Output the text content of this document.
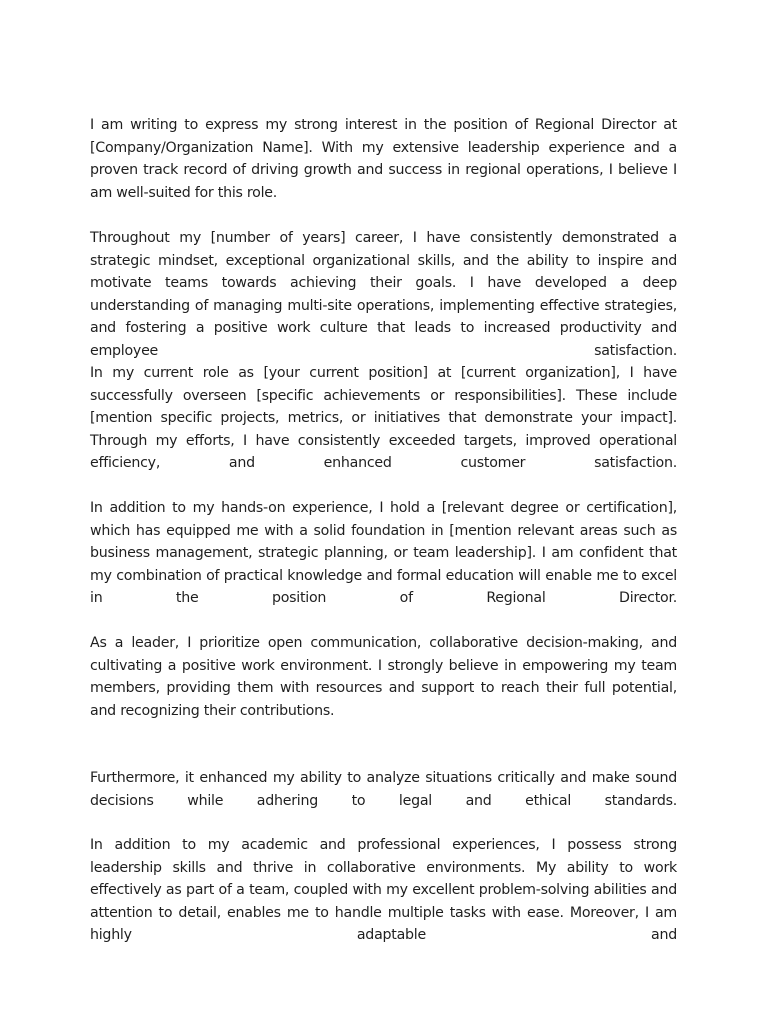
I am writing to express my strong interest in the position of Regional Director at [Company/Organization Name]. With my extensive leadership experience and a proven track record of driving growth and success in regional operations, I believe I am well-suited for this role.

Throughout my [number of years] career, I have consistently demonstrated a strategic mindset, exceptional organizational skills, and the ability to inspire and motivate teams towards achieving their goals. I have developed a deep understanding of managing multi-site operations, implementing effective strategies, and fostering a positive work culture that leads to increased productivity and employee satisfaction.

In my current role as [your current position] at [current organization], I have successfully overseen [specific achievements or responsibilities]. These include [mention specific projects, metrics, or initiatives that demonstrate your impact]. Through my efforts, I have consistently exceeded targets, improved operational efficiency, and enhanced customer satisfaction.

In addition to my hands-on experience, I hold a [relevant degree or certification], which has equipped me with a solid foundation in [mention relevant areas such as business management, strategic planning, or team leadership]. I am confident that my combination of practical knowledge and formal education will enable me to excel in the position of Regional Director.

As a leader, I prioritize open communication, collaborative decision-making, and cultivating a positive work environment. I strongly believe in empowering my team members, providing them with resources and support to reach their full potential, and recognizing their contributions.

Furthermore, it enhanced my ability to analyze situations critically and make sound decisions while adhering to legal and ethical standards.

In addition to my academic and professional experiences, I possess strong leadership skills and thrive in collaborative environments. My ability to work effectively as part of a team, coupled with my excellent problem-solving abilities and attention to detail, enables me to handle multiple tasks with ease. Moreover, I am highly adaptable and
